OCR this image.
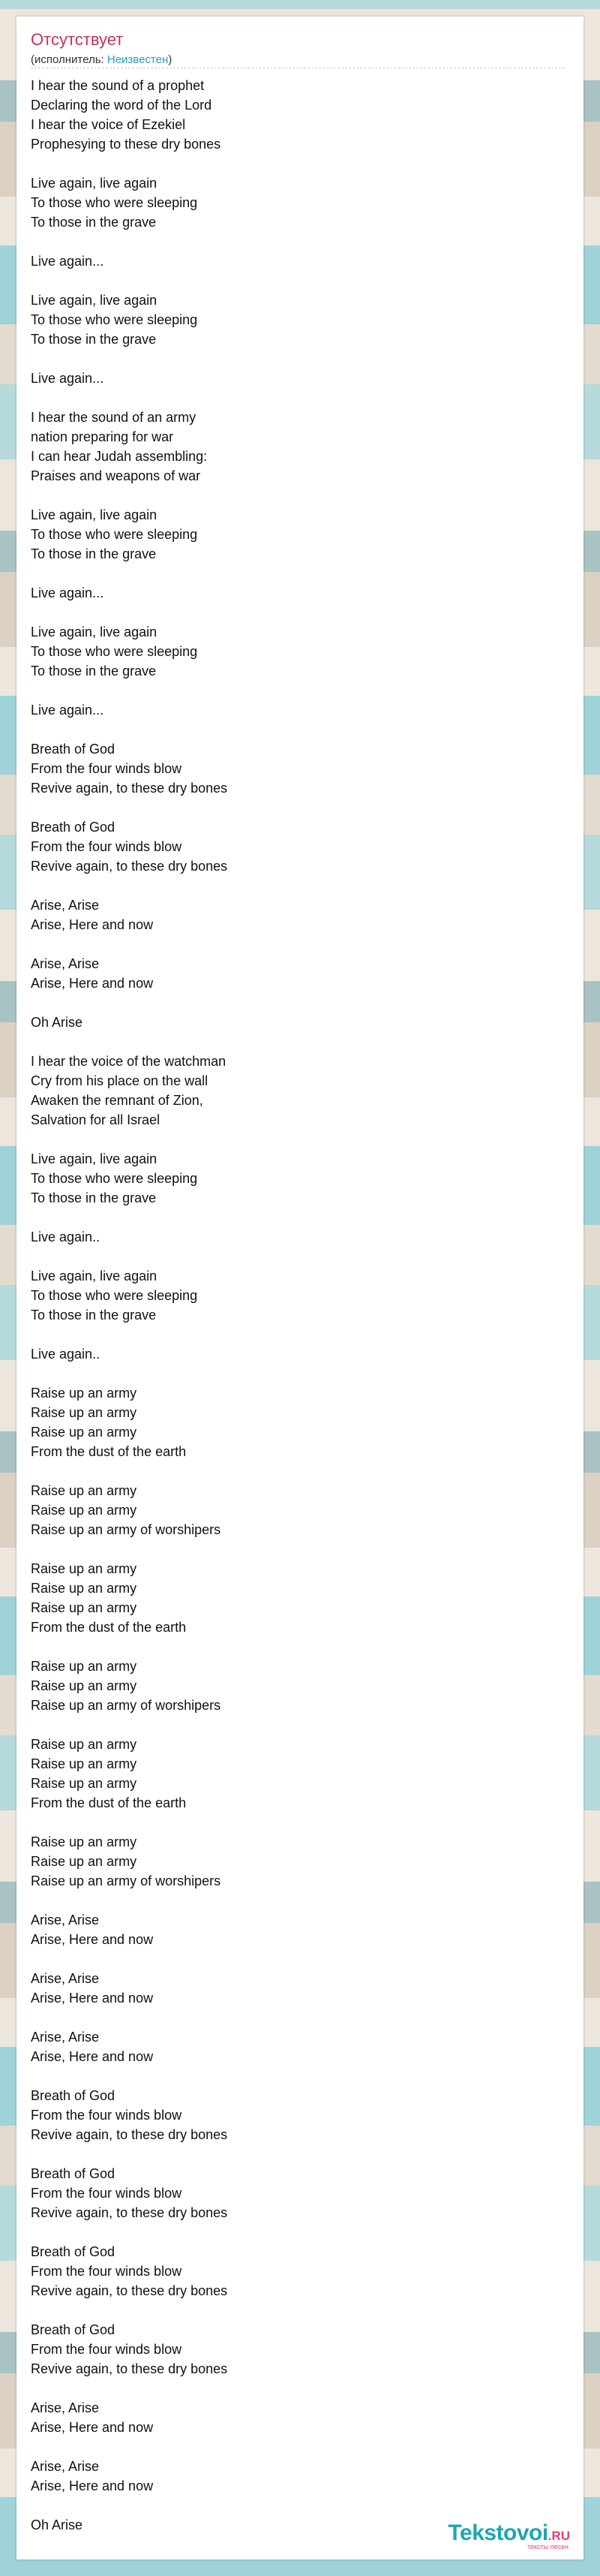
Отсутствует
(исполнитель: Неизвестен)
I hear the sound of a prophet
Declaring the word of the Lord
I hear the voice of Ezekiel
Prophesying to these dry bones
Live again, live again
To those who were sleeping
To those in the grave
Live again...
Live again, live again
To those who were sleeping
To those in the grave
Live again...
I hear the sound of an army
nation preparing for war
I can hear Judah assembling:
Praises and weapons of war
Live again, live again
To those who were sleeping
To those in the grave
Live again...
Live again, live again
To those who were sleeping
To those in the grave
Live again...
Breath of God
From the four winds blow
Revive again, to these dry bones
Breath of God
From the four winds blow
Revive again, to these dry bones
Arise, Arise
Arise, Here and now
Arise, Arise
Arise, Here and now
Oh Arise
I hear the voice of the watchman
Cry from his place on the wall
Awaken the remnant of Zion,
Salvation for all Israel
Live again, live again
To those who were sleeping
To those in the grave
Live again..
Live again, live again
To those who were sleeping
To those in the grave
Live again..
Raise up an army
Raise up an army
Raise up an army
From the dust of the earth
Raise up an army
Raise up an army
Raise up an army of worshipers
Raise up an army
Raise up an army
Raise up an army
From the dust of the earth
Raise up an army
Raise up an army
Raise up an army of worshipers
Raise up an army
Raise up an army
Raise up an army
From the dust of the earth
Raise up an army
Raise up an army
Raise up an army of worshipers
Arise, Arise
Arise, Here and now
Arise, Arise
Arise, Here and now
Arise, Arise
Arise, Here and now
Breath of God
From the four winds blow
Revive again, to these dry bones
Breath of God
From the four winds blow
Revive again, to these dry bones
Breath of God
From the four winds blow
Revive again, to these dry bones
Breath of God
From the four winds blow
Revive again, to these dry bones
Arise, Arise
Arise, Here and now
Arise, Arise
Arise, Here and now
Oh Arise	Tekstovoi.RU
тексты песен
